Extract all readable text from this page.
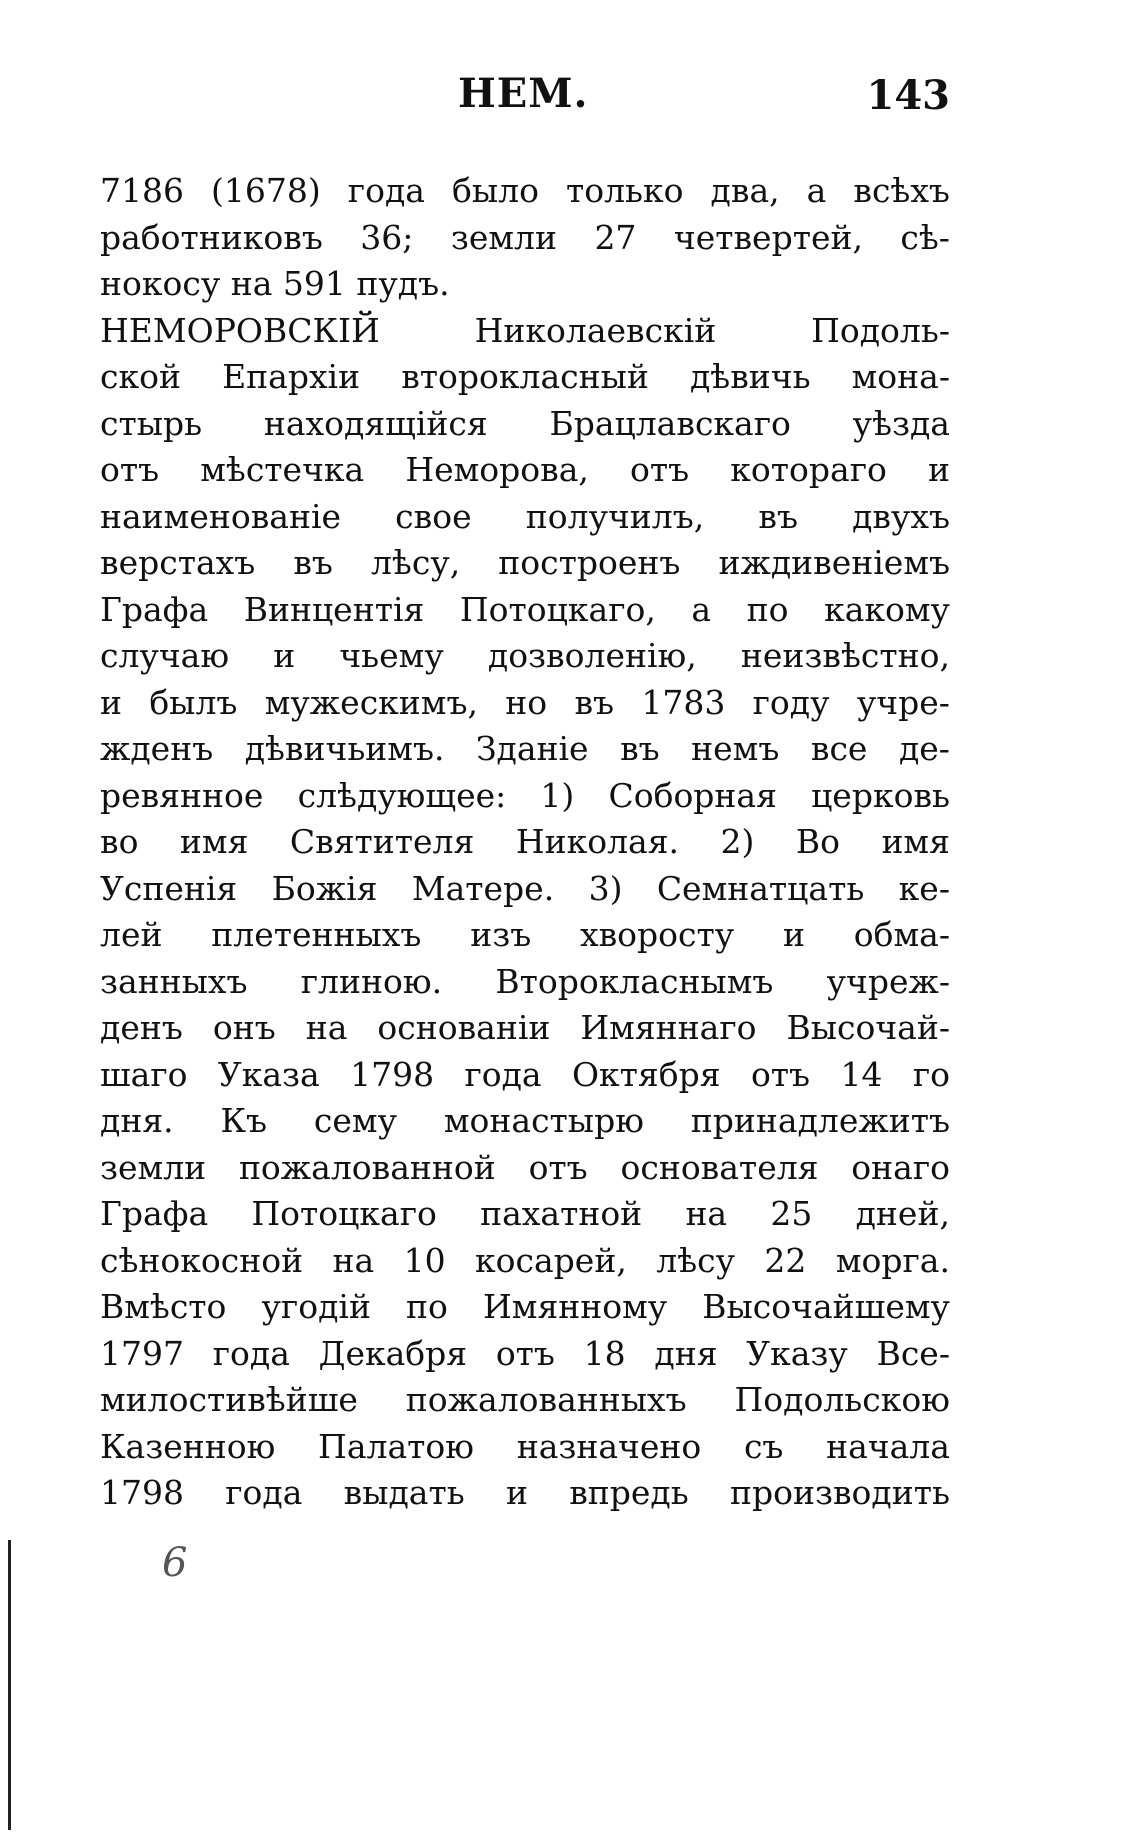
НЕМ.	143
7186 (1678) года было только два, а всѣхъ
работниковъ 36; земли 27 четвертей, сѣ-
нокосу на 591 пудъ.
НЕМОРОВСКІЙ	Николаевскій	Подоль-
ской Епархіи второкласный дѣвичь мона-
стырь находящійся Брацлавскаго уѣзда
отъ мѣстечка Неморова, отъ котораго и
наименованіе свое получилъ, въ двухъ
верстахъ въ лѣсу, построенъ иждивеніемъ
Графа Винцентія Потоцкаго, а по какому
случаю и чьему дозволенію, неизвѣстно,
и былъ мужескимъ, но въ 1783 году учре-
жденъ дѣвичьимъ. Зданіе въ немъ все де-
ревянное слѣдующее: 1) Соборная церковь
во имя Святителя Николая. 2) Во имя
Успенія Божія Матере. 3) Семнатцать ке-
лей плетенныхъ изъ хворосту и обма-
занныхъ глиною. Второкласнымъ учреж-
денъ онъ на основаніи Имяннаго Высочай-
шаго Указа 1798 года Октября отъ 14 го
дня. Къ сему монастырю принадлежитъ
земли пожалованной отъ основателя онаго
Графа Потоцкаго пахатной на 25 дней,
сѣнокосной на 10 косарей, лѣсу 22 морга.
Вмѣсто угодій по Имянному Высочайшему
1797 года Декабря отъ 18 дня Указу Все-
милостивѣйше пожалованныхъ Подольскою
Казенною Палатою назначено съ начала
1798 года выдать и впредь производить
6
